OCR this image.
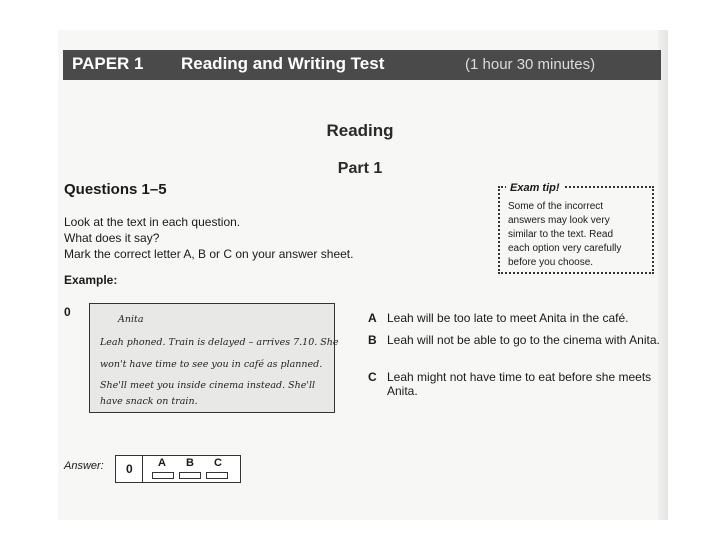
PAPER 1 Reading and Writing Test	(1 hour 30 minutes)
Reading
Part 1
Questions 1–5
Look at the text in each question.
What does it say?
Mark the correct letter A, B or C on your answer sheet.
Exam tip!
Some of the incorrect
answers may look very
similar to the text. Read
each option very carefully
before you choose.
Example:
0
Anita
Leah phoned. Train is delayed – arrives 7.10. She
won't have time to see you in café as planned.
She'll meet you inside cinema instead. She'll
have snack on train.
A Leah will be too late to meet Anita in the café.
B Leah will not be able to go to the cinema with Anita.
C Leah might not have time to eat before she meets Anita.
Answer: 0 A B C
